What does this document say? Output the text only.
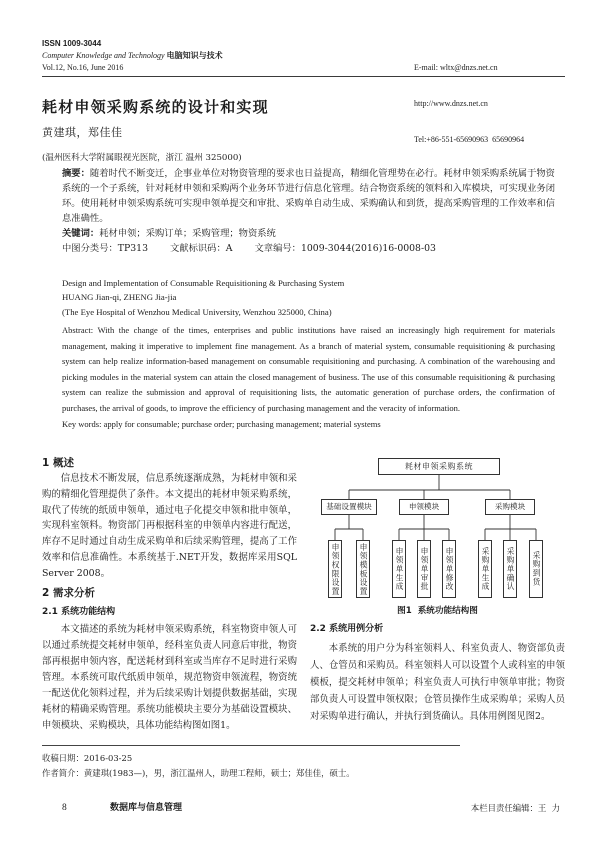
ISSN 1009-3044
Computer Knowledge and Technology 电脑知识与技术
Vol.12, No.16, June 2016

	E-mail: wltx@dnzs.net.cn

http://www.dnzs.net.cn

Tel:+86-551-65690963  65690964

耗材申领采购系统的设计和实现
黄建琪，郑佳佳
(温州医科大学附属眼视光医院，浙江 温州 325000)
摘要：随着时代不断变迁，企事业单位对物资管理的要求也日益提高，精细化管理势在必行。耗材申领采购系统属于物资系统的一个子系统，针对耗材申领和采购两个业务环节进行信息化管理。结合物资系统的领料和入库模块，可实现业务闭环。使用耗材申领采购系统可实现申领单提交和审批、采购单自动生成、采购确认和到货，提高采购管理的工作效率和信息准确性。
关键词：耗材申领；采购订单；采购管理；物资系统
中图分类号：TP313 文献标识码：A 文章编号：1009-3044(2016)16-0008-03
Design and Implementation of Consumable Requisitioning & Purchasing System
HUANG Jian-qi, ZHENG Jia-jia
(The Eye Hospital of Wenzhou Medical University, Wenzhou 325000, China)
Abstract: With the change of the times, enterprises and public institutions have raised an increasingly high requirement for materials management, making it imperative to implement fine management. As a branch of material system, consumable requisitioning & purchasing system can help realize information-based management on consumable requisitioning and purchasing. A combination of the warehousing and picking modules in the material system can attain the closed management of business. The use of this consumable requisitioning & purchasing system can realize the submission and approval of requisitioning lists, the automatic generation of purchase orders, the confirmation of purchases, the arrival of goods, to improve the efficiency of purchasing management and the veracity of information.
Key words: apply for consumable; purchase order; purchasing management; material systems
1 概述
信息技术不断发展，信息系统逐渐成熟，为耗材申领和采购的精细化管理提供了条件。本文提出的耗材申领采购系统，取代了传统的纸质申领单，通过电子化提交申领和批申领单，实现科室领料。物资部门再根据科室的申领单内容进行配送，库存不足时通过自动生成采购单和后续采购管理，提高了工作效率和信息准确性。本系统基于.NET开发，数据库采用SQL Server 2008。
2 需求分析
2.1 系统功能结构
本文描述的系统为耗材申领采购系统，科室物资申领人可以通过系统提交耗材申领单，经科室负责人同意后审批，物资部再根据申领内容，配送耗材到科室或当库存不足时进行采购管理。本系统可取代纸质申领单，规范物资申领流程，物资统一配送优化领料过程，并为后续采购计划提供数据基础，实现耗材的精确采购管理。系统功能模块主要分为基础设置模块、申领模块、采购模块，具体功能结构图如图1。
耗材申领采购系统
基础设置模块	申领模块	采购模块
申领权限设置 申领模板设置	申领单生成 申领单审批 申领单修改	采购单生成 采购单确认 采购到货
图1  系统功能结构图
2.2 系统用例分析
本系统的用户分为科室领料人、科室负责人、物资部负责人、仓管员和采购员。科室领料人可以设置个人或科室的申领模板，提交耗材申领单；科室负责人可执行申领单审批；物资部负责人可设置申领权限；仓管员操作生成采购单；采购人员对采购单进行确认，并执行到货确认。具体用例图见图2。
收稿日期：2016-03-25
作者简介：黄建琪(1983—)，男，浙江温州人，助理工程师，硕士；郑佳佳，硕士。
8	数据库与信息管理	本栏目责任编辑：王  力
